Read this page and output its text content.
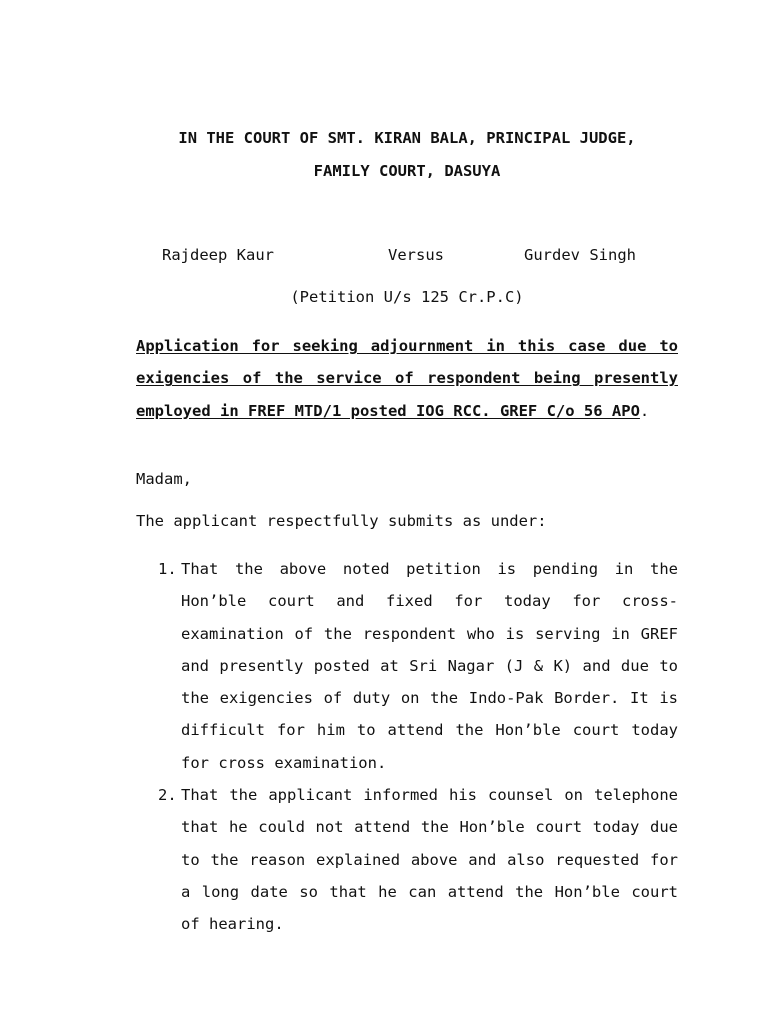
IN THE COURT OF SMT. KIRAN BALA, PRINCIPAL JUDGE,

FAMILY COURT, DASUYA

Rajdeep Kaur	Versus	Gurdev Singh
(Petition U/s 125 Cr.P.C)

Application for seeking adjournment in this case due to exigencies of the service of respondent being presently employed in FREF MTD/1 posted IOG RCC. GREF C/o 56 APO.

Madam,
The applicant respectfully submits as under:
1. That the above noted petition is pending in the Hon’ble court and fixed for today for cross-examination of the respondent who is serving in GREF and presently posted at Sri Nagar (J & K) and due to the exigencies of duty on the Indo-Pak Border. It is difficult for him to attend the Hon’ble court today for cross examination.
2. That the applicant informed his counsel on telephone that he could not attend the Hon’ble court today due to the reason explained above and also requested for a long date so that he can attend the Hon’ble court of hearing.
